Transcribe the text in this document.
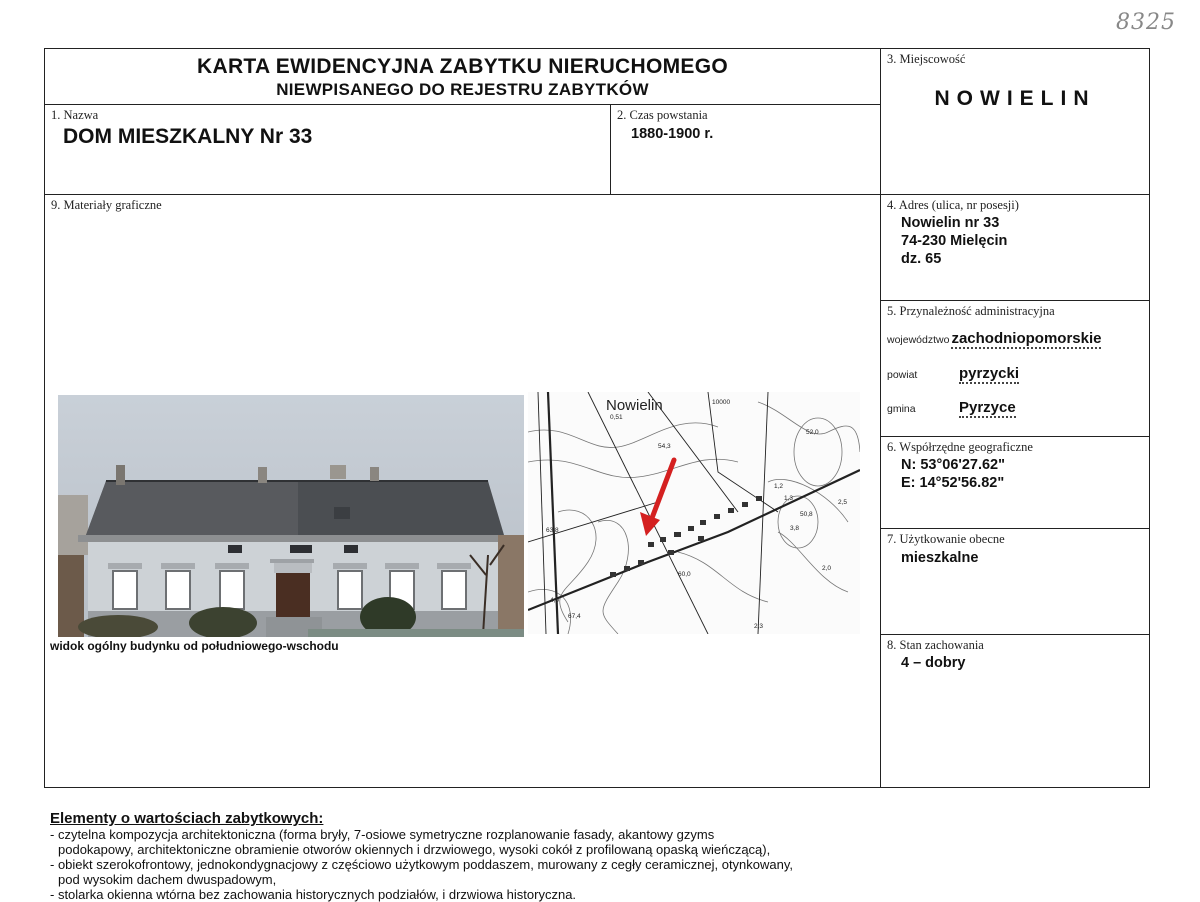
8325
KARTA EWIDENCYJNA ZABYTKU NIERUCHOMEGO
NIEWPISANEGO DO REJESTRU ZABYTKÓW
1. Nazwa
DOM MIESZKALNY Nr 33
2. Czas powstania
1880-1900 r.
3. Miejscowość
NOWIELIN
9. Materiały graficzne
Nowielin
0,51
54,3
63,8
10000
52,0
50,8
1,3
3,8
2,0
60,0
67,4
4,0
2,3
1,2
2,5
widok ogólny budynku od południowego-wschodu
Elementy o wartościach zabytkowych:
- czytelna kompozycja architektoniczna (forma bryły, 7-osiowe symetryczne rozplanowanie fasady, akantowy gzyms
podokapowy, architektoniczne obramienie otworów okiennych i drzwiowego, wysoki cokół z profilowaną opaską wieńczącą),
- obiekt szerokofrontowy, jednokondygnacjowy z częściowo użytkowym poddaszem, murowany z cegły ceramicznej, otynkowany,
pod wysokim dachem dwuspadowym,
- stolarka okienna wtórna bez zachowania historycznych podziałów, i drzwiowa historyczna.
4. Adres (ulica, nr posesji)
Nowielin nr 33
74-230 Mielęcin
dz. 65
5. Przynależność administracyjna
województwo zachodniopomorskie
powiat	pyrzycki
gmina	Pyrzyce
6. Współrzędne geograficzne
N: 53°06'27.62"
E: 14°52'56.82"
7. Użytkowanie obecne
mieszkalne
8. Stan zachowania
4 – dobry
